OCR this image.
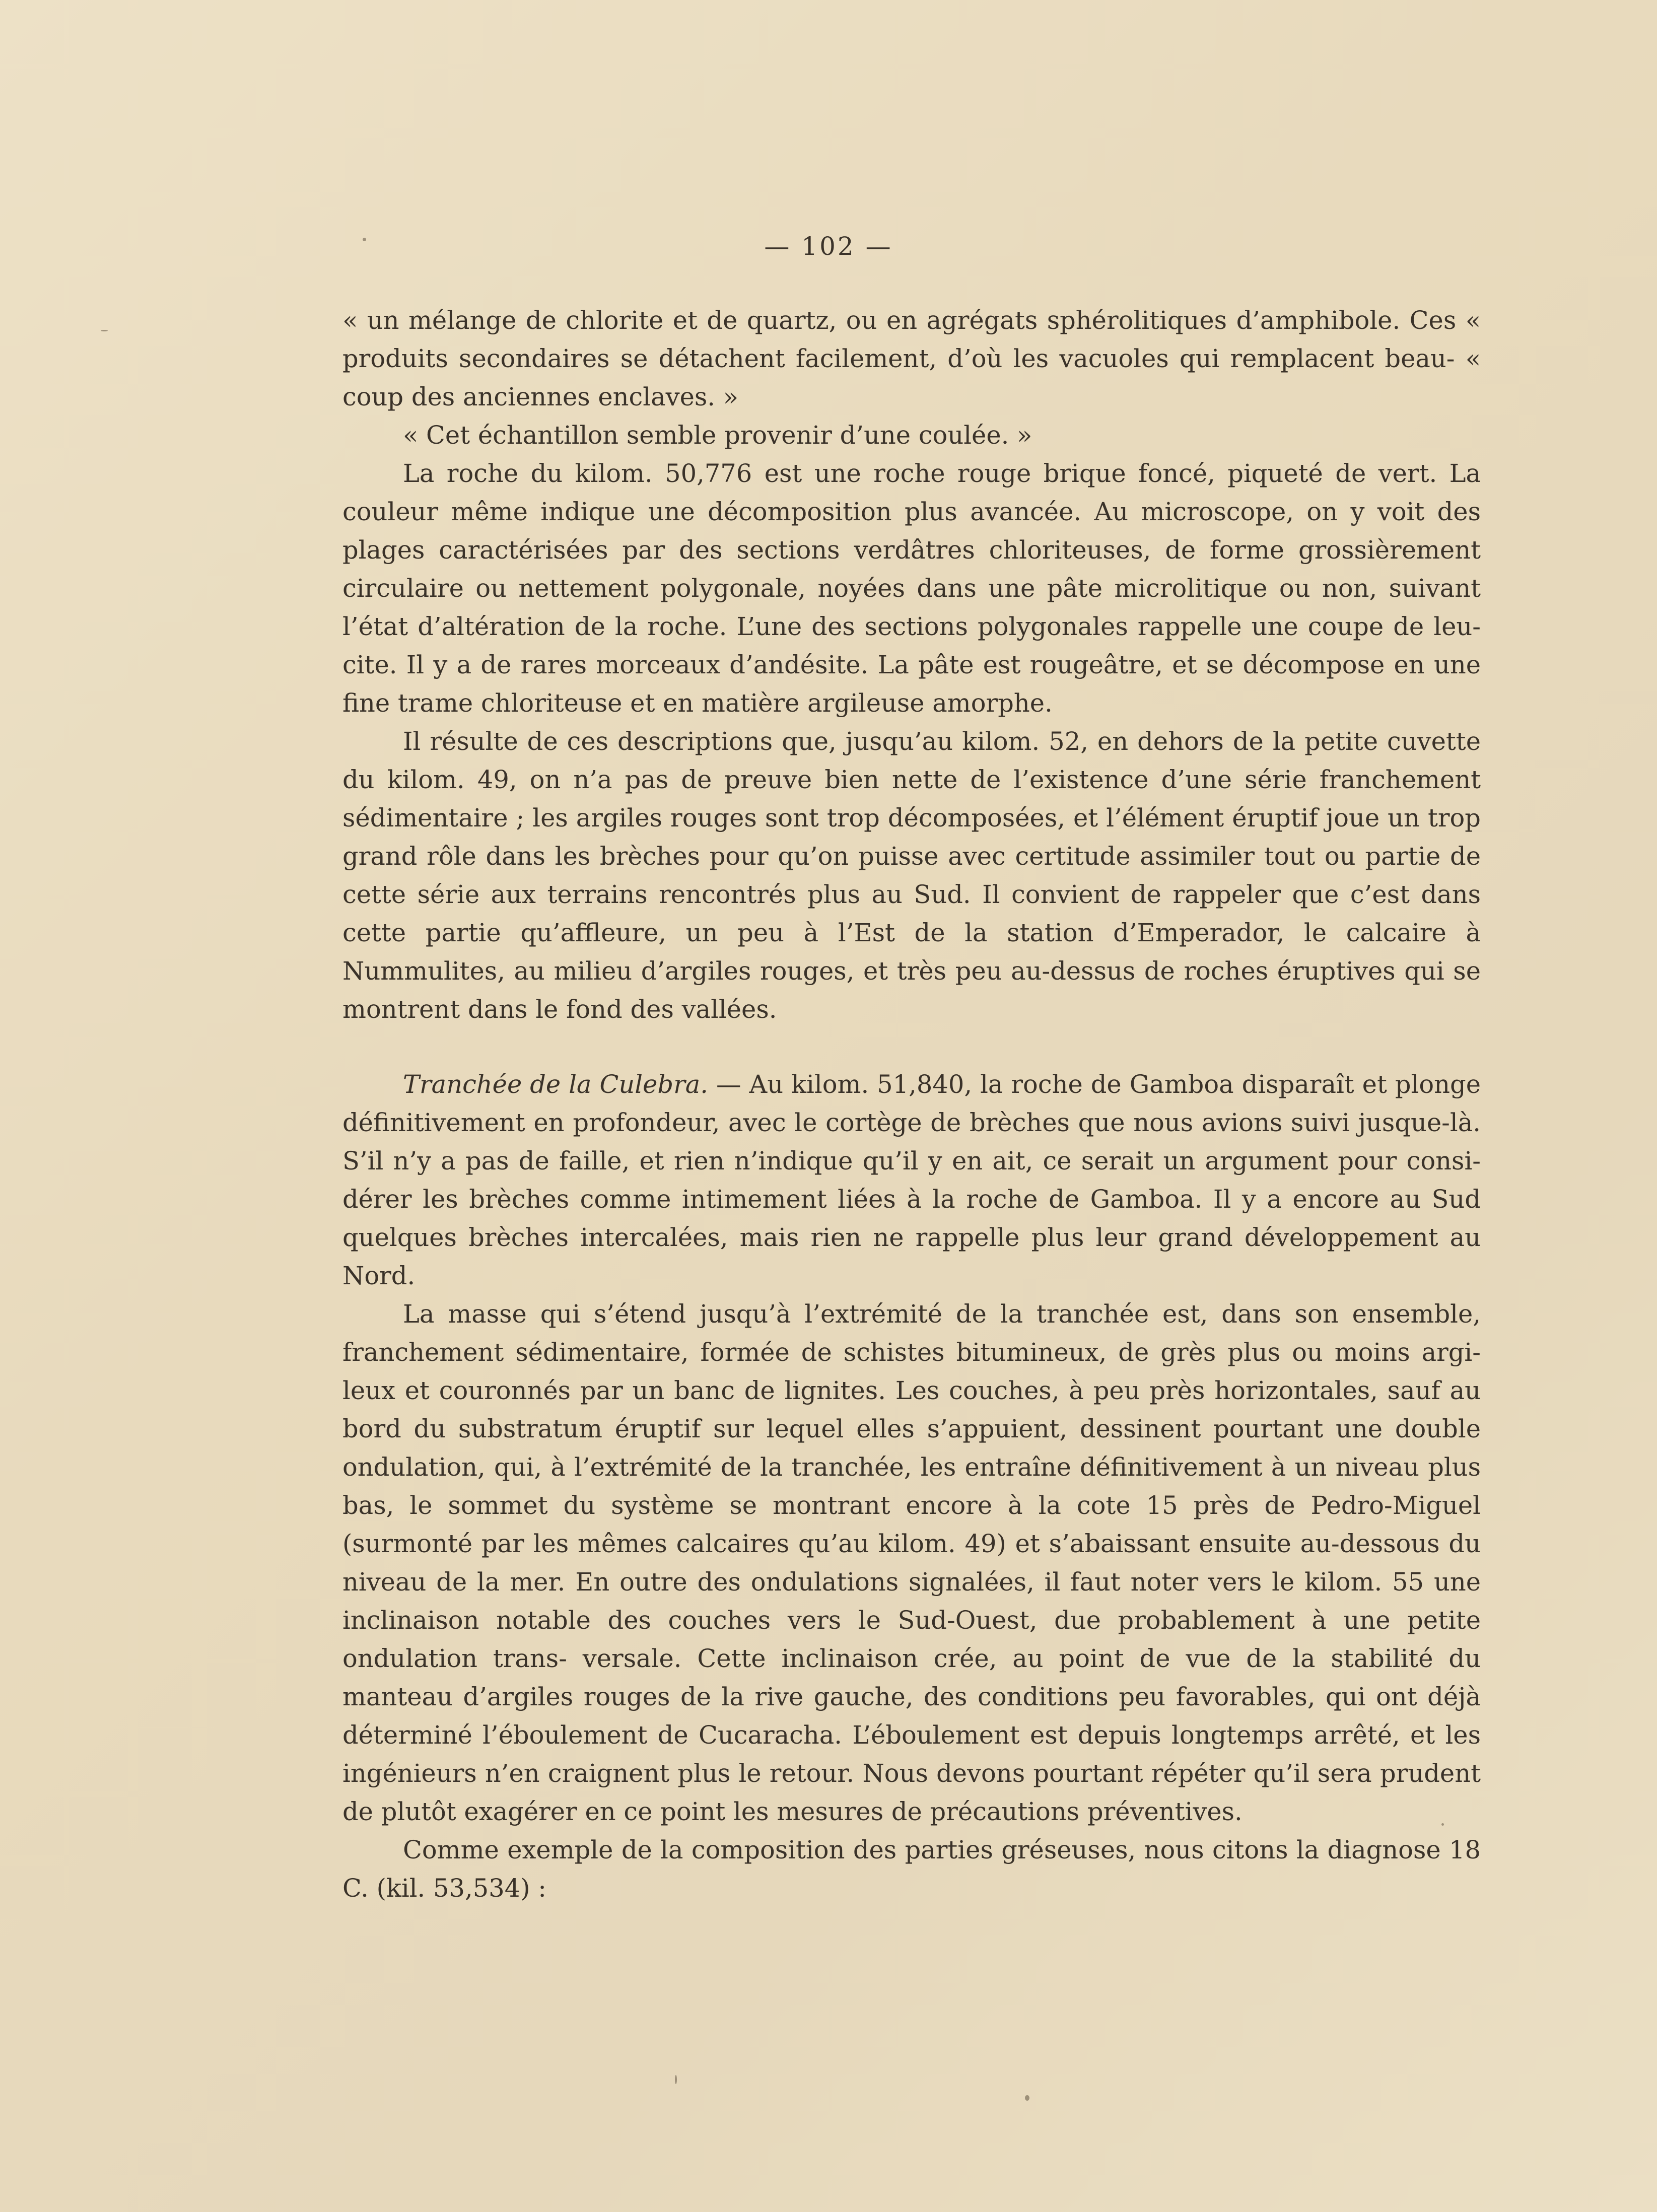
— 102 —

« un mélange de chlorite et de quartz, ou en agrégats sphérolitiques d’amphibole. Ces « produits secondaires se détachent facilement, d’où les vacuoles qui remplacent beau- « coup des anciennes enclaves. »

« Cet échantillon semble provenir d’une coulée. »

La roche du kilom. 50,776 est une roche rouge brique foncé, piqueté de vert. La couleur même indique une décomposition plus avancée. Au microscope, on y voit des plages caractérisées par des sections verdâtres chloriteuses, de forme grossièrement circulaire ou nettement polygonale, noyées dans une pâte microlitique ou non, suivant l’état d’altération de la roche. L’une des sections polygonales rappelle une coupe de leu- cite. Il y a de rares morceaux d’andésite. La pâte est rougeâtre, et se décompose en une fine trame chloriteuse et en matière argileuse amorphe.

Il résulte de ces descriptions que, jusqu’au kilom. 52, en dehors de la petite cuvette du kilom. 49, on n’a pas de preuve bien nette de l’existence d’une série franchement sédimentaire ; les argiles rouges sont trop décomposées, et l’élément éruptif joue un trop grand rôle dans les brèches pour qu’on puisse avec certitude assimiler tout ou partie de cette série aux terrains rencontrés plus au Sud. Il convient de rappeler que c’est dans cette partie qu’affleure, un peu à l’Est de la station d’Emperador, le calcaire à Nummulites, au milieu d’argiles rouges, et très peu au-dessus de roches éruptives qui se montrent dans le fond des vallées.

Tranchée de la Culebra. — Au kilom. 51,840, la roche de Gamboa disparaît et plonge définitivement en profondeur, avec le cortège de brèches que nous avions suivi jusque-là. S’il n’y a pas de faille, et rien n’indique qu’il y en ait, ce serait un argument pour consi- dérer les brèches comme intimement liées à la roche de Gamboa. Il y a encore au Sud quelques brèches intercalées, mais rien ne rappelle plus leur grand développement au Nord.

La masse qui s’étend jusqu’à l’extrémité de la tranchée est, dans son ensemble, franchement sédimentaire, formée de schistes bitumineux, de grès plus ou moins argi- leux et couronnés par un banc de lignites. Les couches, à peu près horizontales, sauf au bord du substratum éruptif sur lequel elles s’appuient, dessinent pourtant une double ondulation, qui, à l’extrémité de la tranchée, les entraîne définitivement à un niveau plus bas, le sommet du système se montrant encore à la cote 15 près de Pedro-Miguel (surmonté par les mêmes calcaires qu’au kilom. 49) et s’abaissant ensuite au-dessous du niveau de la mer. En outre des ondulations signalées, il faut noter vers le kilom. 55 une inclinaison notable des couches vers le Sud-Ouest, due probablement à une petite ondulation trans- versale. Cette inclinaison crée, au point de vue de la stabilité du manteau d’argiles rouges de la rive gauche, des conditions peu favorables, qui ont déjà déterminé l’éboulement de Cucaracha. L’éboulement est depuis longtemps arrêté, et les ingénieurs n’en craignent plus le retour. Nous devons pourtant répéter qu’il sera prudent de plutôt exagérer en ce point les mesures de précautions préventives.

Comme exemple de la composition des parties gréseuses, nous citons la diagnose 18 C. (kil. 53,534) :
